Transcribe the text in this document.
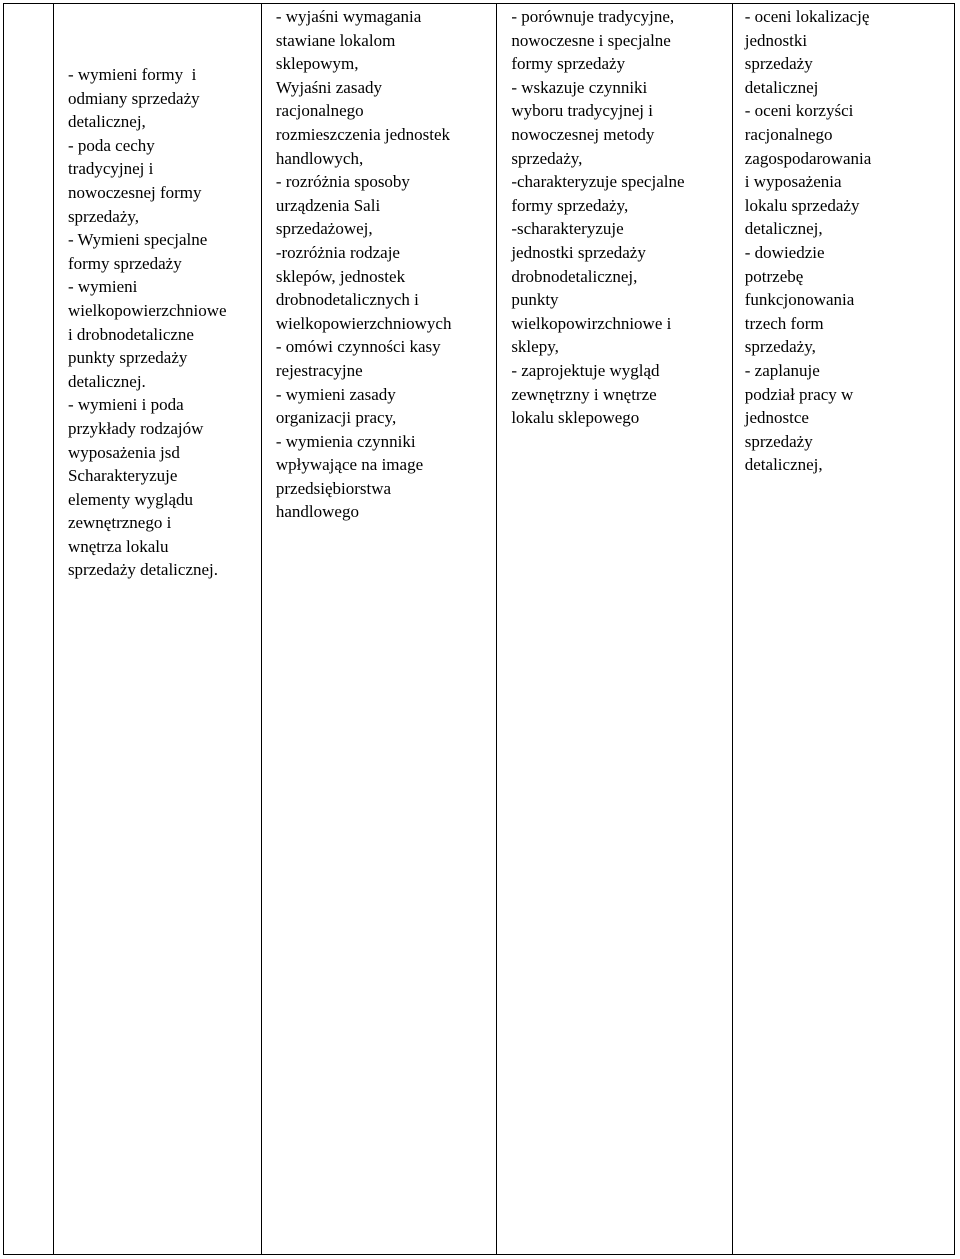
- wymieni formy  i
odmiany sprzedaży
detalicznej,
- poda cechy
tradycyjnej i
nowoczesnej formy
sprzedaży,
- Wymieni specjalne
formy sprzedaży
- wymieni
wielkopowierzchniowe
i drobnodetaliczne
punkty sprzedaży
detalicznej.
- wymieni i poda
przykłady rodzajów
wyposażenia jsd
Scharakteryzuje
elementy wyglądu
zewnętrznego i
wnętrza lokalu
sprzedaży detalicznej.

- wyjaśni wymagania
stawiane lokalom
sklepowym,
Wyjaśni zasady
racjonalnego
rozmieszczenia jednostek
handlowych,
- rozróżnia sposoby
urządzenia Sali
sprzedażowej,
-rozróżnia rodzaje
sklepów, jednostek
drobnodetalicznych i
wielkopowierzchniowych
- omówi czynności kasy
rejestracyjne
- wymieni zasady
organizacji pracy,
- wymienia czynniki
wpływające na image
przedsiębiorstwa
handlowego

- porównuje tradycyjne,
nowoczesne i specjalne
formy sprzedaży
- wskazuje czynniki
wyboru tradycyjnej i
nowoczesnej metody
sprzedaży,
-charakteryzuje specjalne
formy sprzedaży,
-scharakteryzuje
jednostki sprzedaży
drobnodetalicznej,
punkty
wielkopowirzchniowe i
sklepy,
- zaprojektuje wygląd
zewnętrzny i wnętrze
lokalu sklepowego

- oceni lokalizację
jednostki
sprzedaży
detalicznej
- oceni korzyści
racjonalnego
zagospodarowania
i wyposażenia
lokalu sprzedaży
detalicznej,
- dowiedzie
potrzebę
funkcjonowania
trzech form
sprzedaży,
- zaplanuje
podział pracy w
jednostce
sprzedaży
detalicznej,
